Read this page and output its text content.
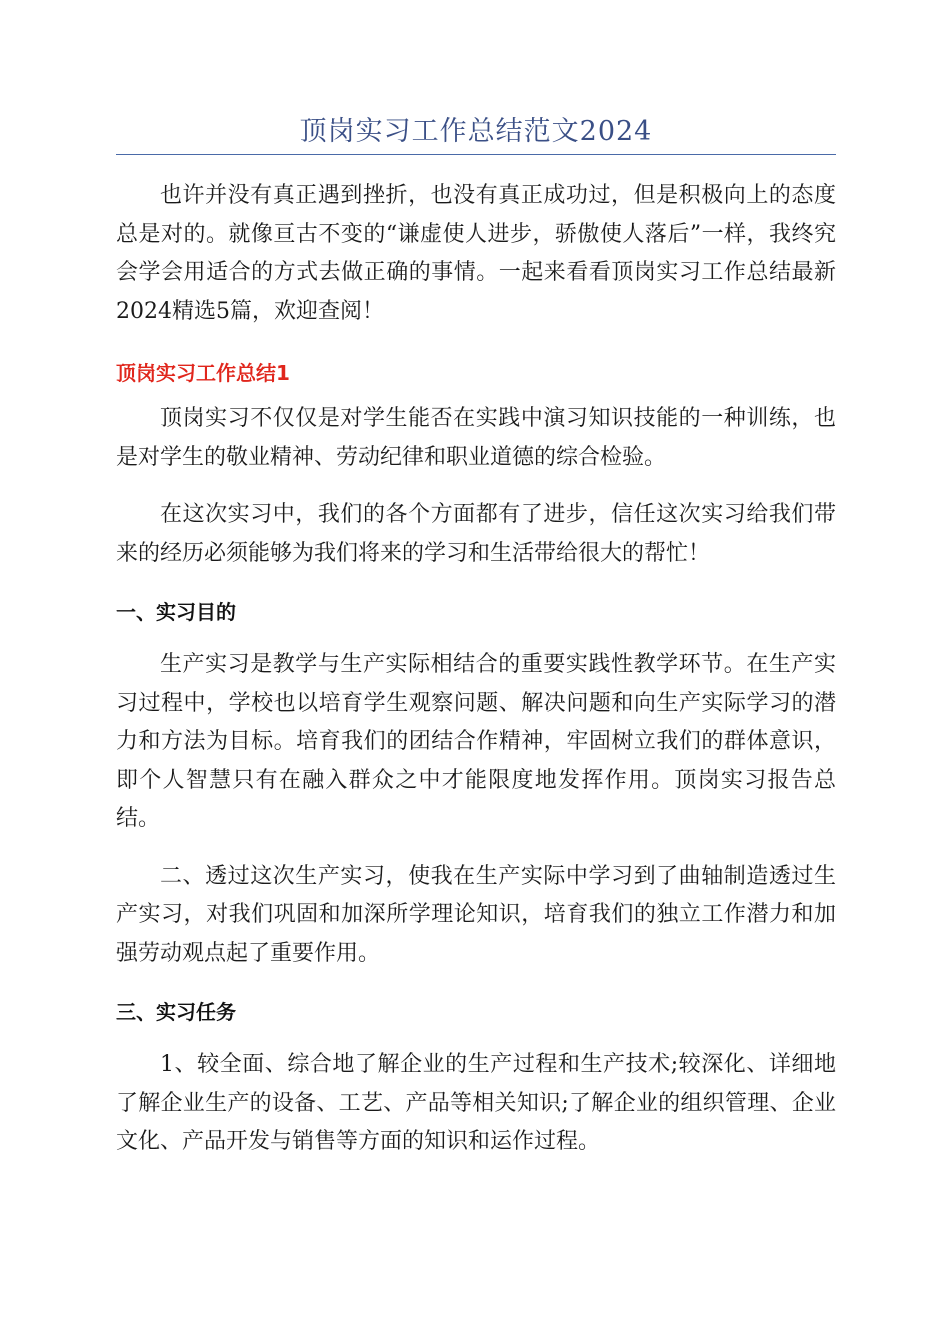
顶岗实习工作总结范文2024

也许并没有真正遇到挫折，也没有真正成功过，但是积极向上的态度总是对的。就像亘古不变的“谦虚使人进步，骄傲使人落后”一样，我终究会学会用适合的方式去做正确的事情。一起来看看顶岗实习工作总结最新2024精选5篇，欢迎查阅！

顶岗实习工作总结1

顶岗实习不仅仅是对学生能否在实践中演习知识技能的一种训练，也是对学生的敬业精神、劳动纪律和职业道德的综合检验。

在这次实习中，我们的各个方面都有了进步，信任这次实习给我们带来的经历必须能够为我们将来的学习和生活带给很大的帮忙！

一、实习目的

生产实习是教学与生产实际相结合的重要实践性教学环节。在生产实习过程中，学校也以培育学生观察问题、解决问题和向生产实际学习的潜力和方法为目标。培育我们的团结合作精神，牢固树立我们的群体意识，即个人智慧只有在融入群众之中才能限度地发挥作用。顶岗实习报告总结。

二、透过这次生产实习，使我在生产实际中学习到了曲轴制造透过生产实习，对我们巩固和加深所学理论知识，培育我们的独立工作潜力和加强劳动观点起了重要作用。

三、实习任务

1、较全面、综合地了解企业的生产过程和生产技术;较深化、详细地了解企业生产的设备、工艺、产品等相关知识;了解企业的组织管理、企业文化、产品开发与销售等方面的知识和运作过程。
